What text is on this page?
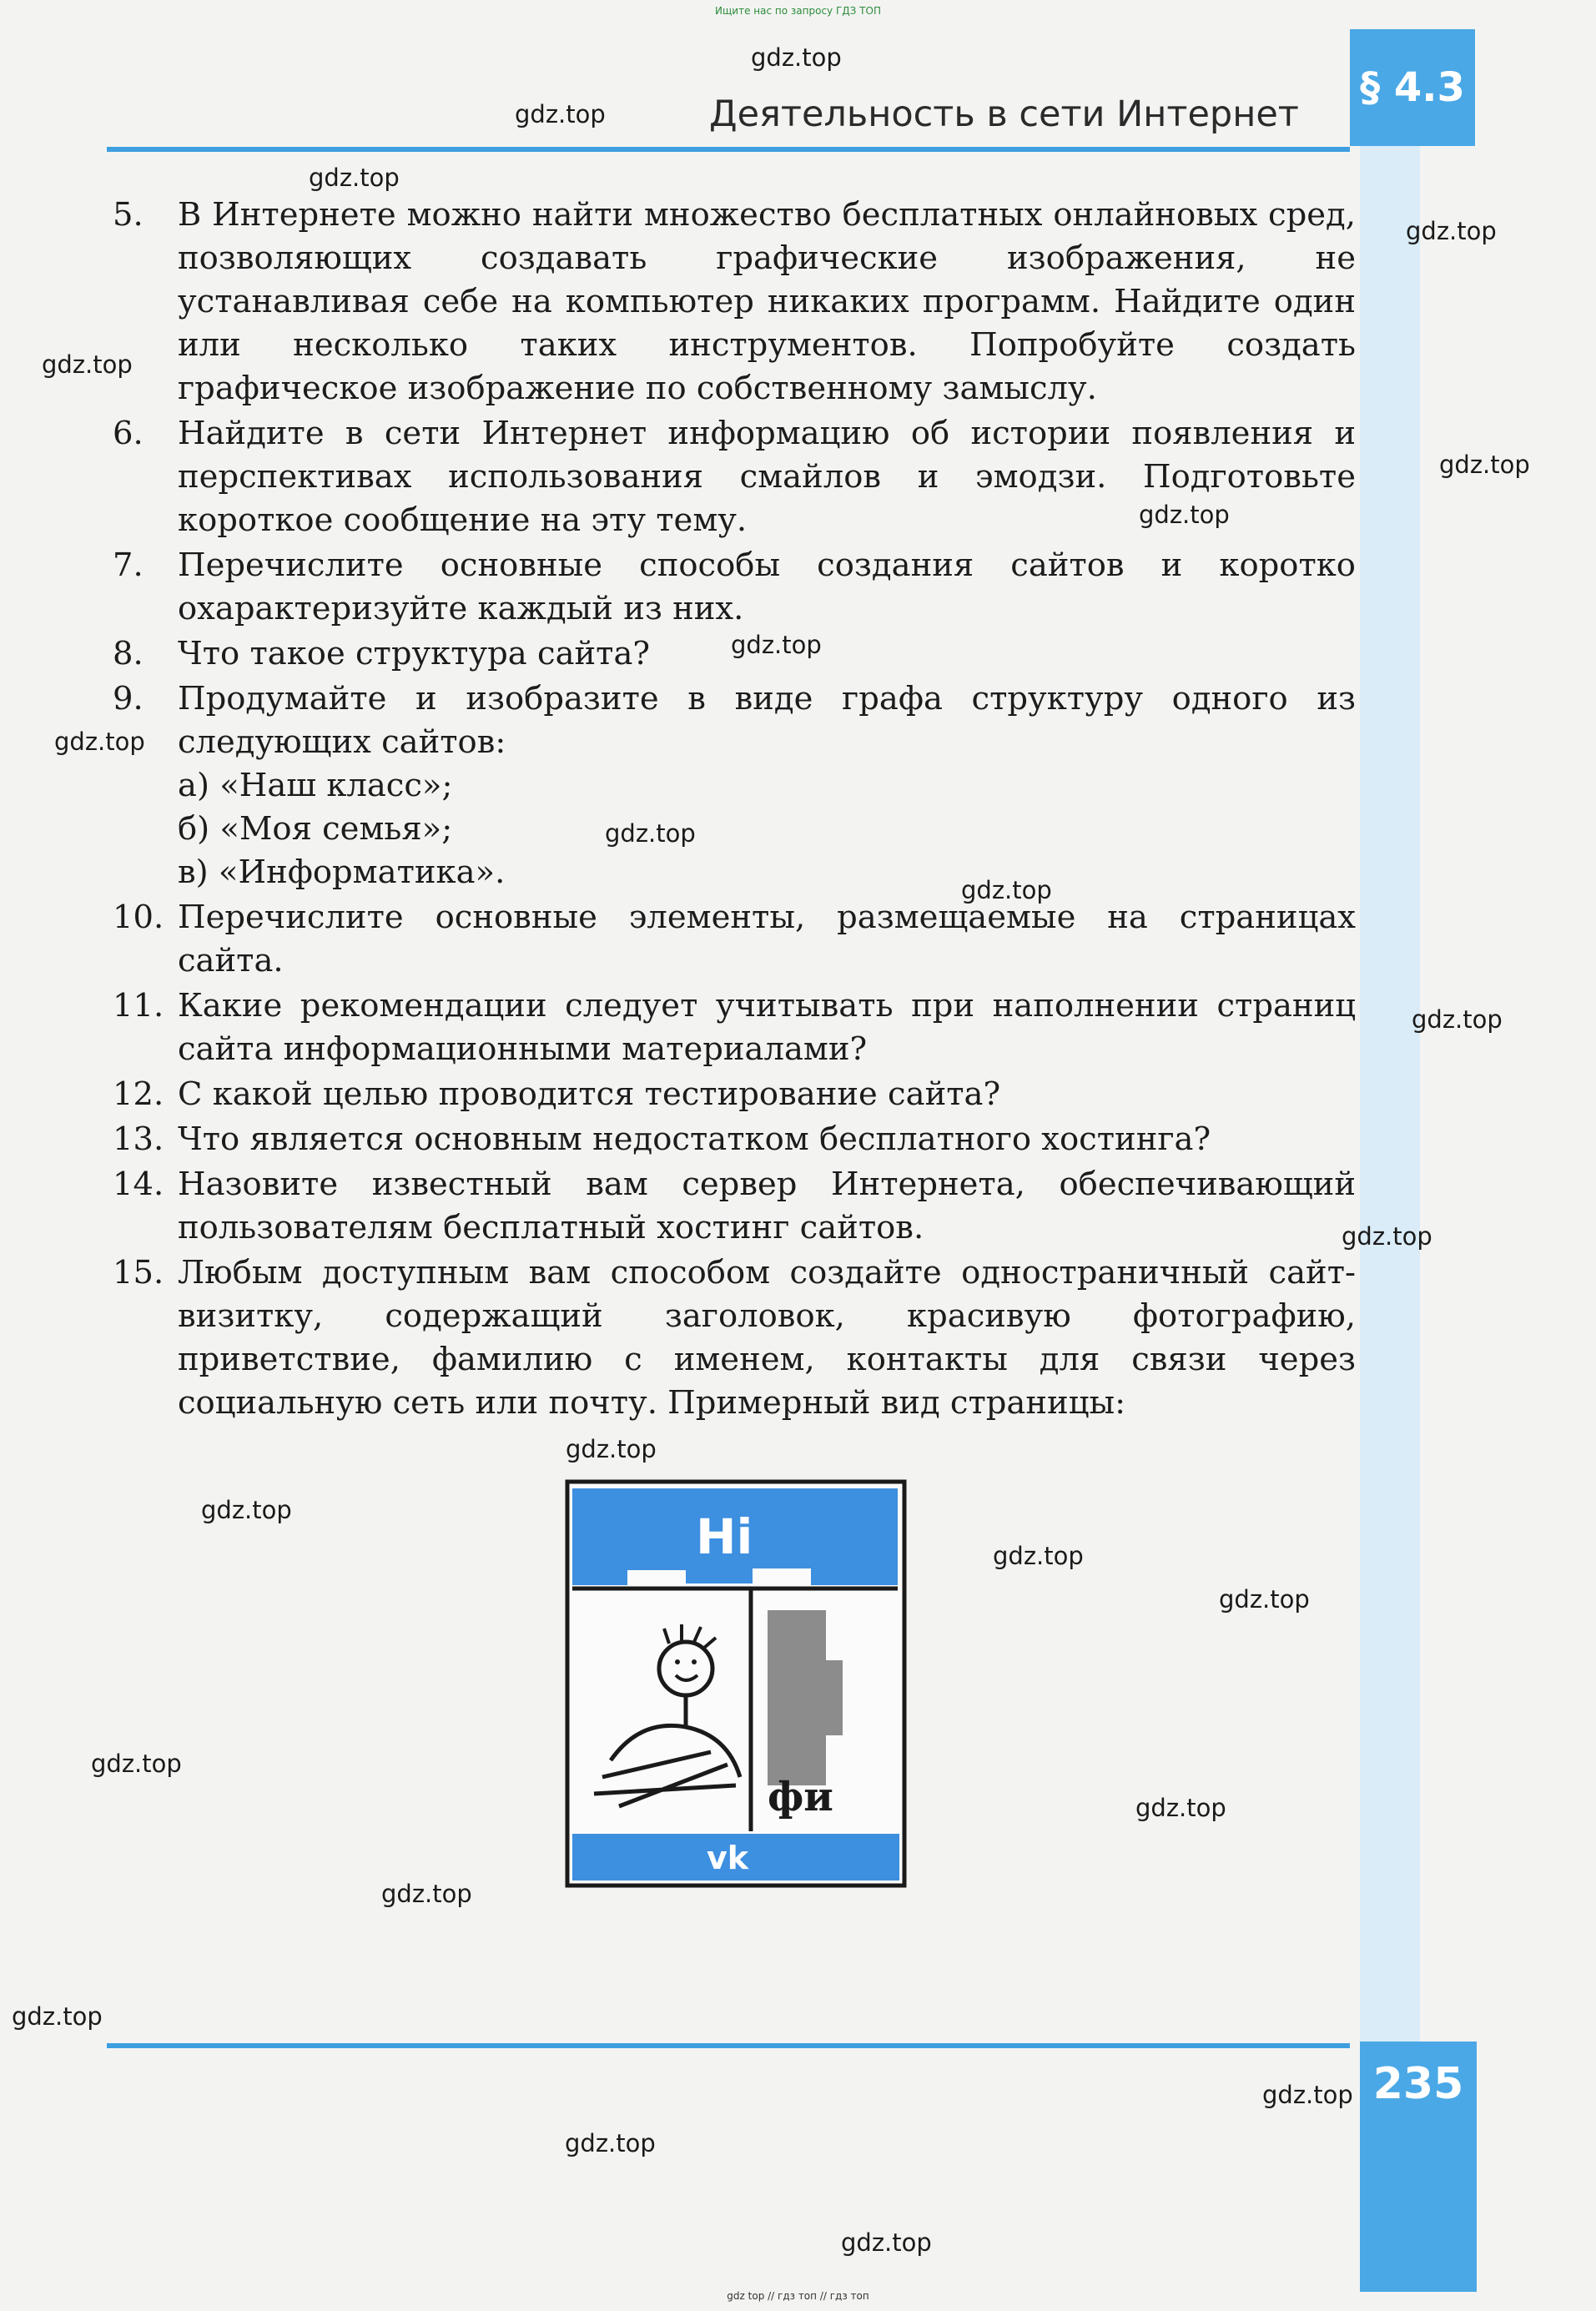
Ищите нас по запросу ГДЗ ТОП
Деятельность в сети Интернет
§ 4.3
5.	В Интернете можно найти множество бесплатных онлайновых сред, позволяющих создавать графические изображения, не устанавливая себе на компьютер никаких программ. Найдите один или несколько таких инструментов. Попробуйте создать графическое изображение по собственному замыслу.
6.	Найдите в сети Интернет информацию об истории появления и перспективах использования смайлов и эмодзи. Подготовьте короткое сообщение на эту тему.
7.	Перечислите основные способы создания сайтов и коротко охарактеризуйте каждый из них.
8.	Что такое структура сайта?
9.	Продумайте и изобразите в виде графа структуру одного из следующих сайтов:
а) «Наш класс»;
б) «Моя семья»;
в) «Информатика».
10. Перечислите основные элементы, размещаемые на страницах сайта.
11. Какие рекомендации следует учитывать при наполнении страниц сайта информационными материалами?
12. С какой целью проводится тестирование сайта?
13. Что является основным недостатком бесплатного хостинга?
14. Назовите известный вам сервер Интернета, обеспечивающий пользователям бесплатный хостинг сайтов.
15. Любым доступным вам способом создайте одностраничный сайт-визитку, содержащий заголовок, красивую фотографию, приветствие, фамилию с именем, контакты для связи через социальную сеть или почту. Примерный вид страницы:
Hi
фи
vk
235
gdz.top
gdz.top
gdz.top
gdz.top
gdz.top
gdz.top
gdz.top
gdz.top
gdz.top
gdz.top
gdz.top
gdz.top
gdz.top
gdz.top
gdz.top
gdz.top
gdz.top
gdz.top
gdz.top
gdz.top
gdz.top
gdz.top
gdz.top
gdz.top
gdz top // гдз топ // гдз топ
